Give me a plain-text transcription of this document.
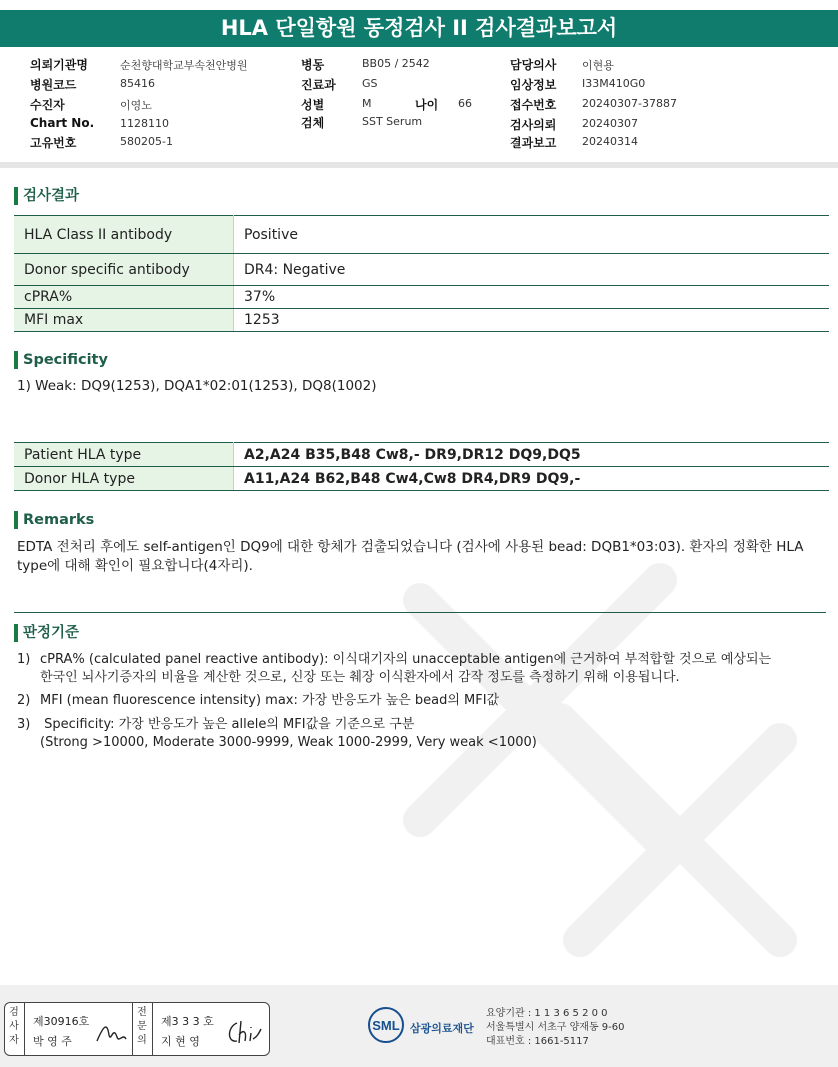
HLA 단일항원 동정검사 II 검사결과보고서
의뢰기관명	순천향대학교부속천안병원
병원코드	85416
수진자	이영노
Chart No. 1128110
고유번호	580205-1
병동	BB05 / 2542
진료과 GS
성별	M	나이 66
검체	SST Serum
담당의사 이현용
임상정보 I33M410G0
접수번호 20240307-37887
검사의뢰 20240307
결과보고 20240314
검사결과
HLA Class II antibody	Positive
Donor specific antibody	DR4: Negative
cPRA%	37%
MFI max	1253
Specificity
1) Weak: DQ9(1253), DQA1*02:01(1253), DQ8(1002)
Patient HLA type	A2,A24 B35,B48 Cw8,- DR9,DR12 DQ9,DQ5
Donor HLA type	A11,A24 B62,B48 Cw4,Cw8 DR4,DR9 DQ9,-
Remarks
EDTA 전처리 후에도 self-antigen인 DQ9에 대한 항체가 검출되었습니다 (검사에 사용된 bead: DQB1*03:03). 환자의 정확한 HLA
type에 대해 확인이 필요합니다(4자리).
판정기준
1) cPRA% (calculated panel reactive antibody): 이식대기자의 unacceptable antigen에 근거하여 부적합할 것으로 예상되는
한국인 뇌사기증자의 비율을 계산한 것으로, 신장 또는 췌장 이식환자에서 감작 정도를 측정하기 위해 이용됩니다.
2) MFI (mean fluorescence intensity) max: 가장 반응도가 높은 bead의 MFI값
3) Specificity: 가장 반응도가 높은 allele의 MFI값을 기준으로 구분
(Strong >10000, Moderate 3000-9999, Weak 1000-2999, Very weak <1000)
검
사
자
제30916호
박 영 주
전
문
의
제3 3 3 호
지 현 영
SML 삼광의료재단
요양기관 : 1 1 3 6 5 2 0 0
서울특별시 서초구 양재동 9-60
대표번호 : 1661-5117
